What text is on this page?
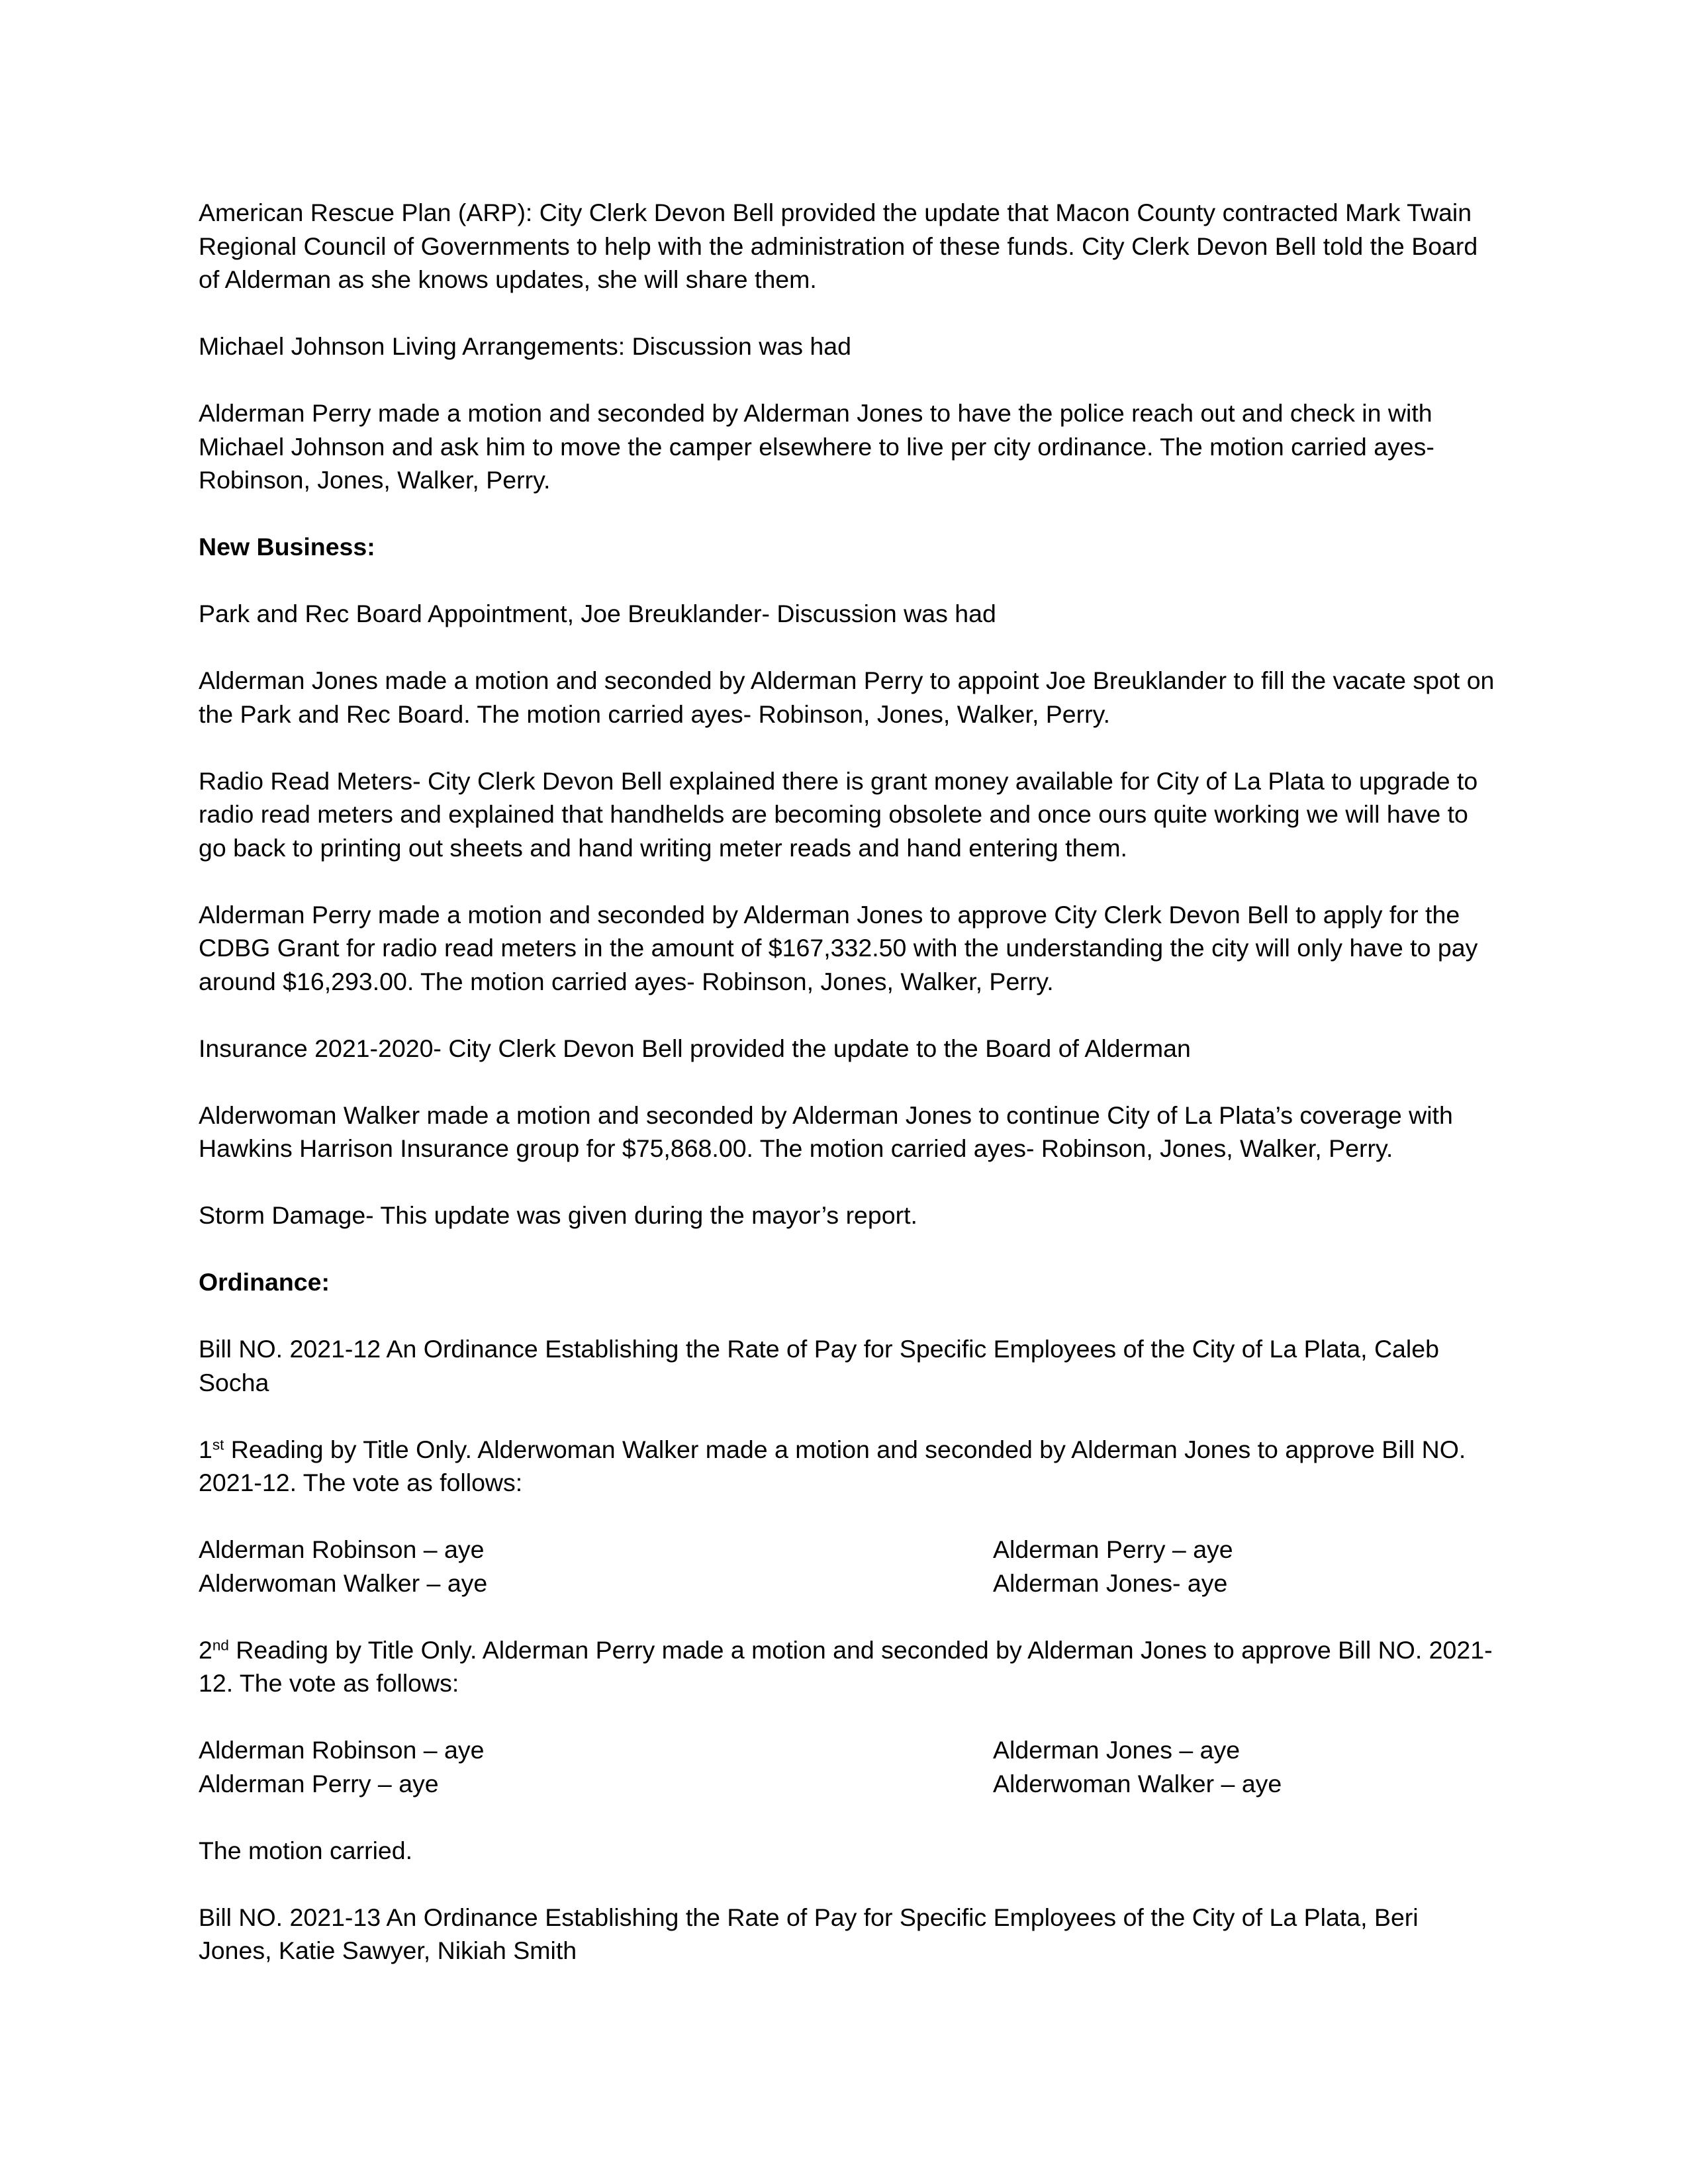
American Rescue Plan (ARP): City Clerk Devon Bell provided the update that Macon County contracted Mark Twain Regional Council of Governments to help with the administration of these funds. City Clerk Devon Bell told the Board of Alderman as she knows updates, she will share them.

Michael Johnson Living Arrangements: Discussion was had

Alderman Perry made a motion and seconded by Alderman Jones to have the police reach out and check in with Michael Johnson and ask him to move the camper elsewhere to live per city ordinance. The motion carried ayes- Robinson, Jones, Walker, Perry.

New Business:

Park and Rec Board Appointment, Joe Breuklander- Discussion was had

Alderman Jones made a motion and seconded by Alderman Perry to appoint Joe Breuklander to fill the vacate spot on the Park and Rec Board. The motion carried ayes- Robinson, Jones, Walker, Perry.

Radio Read Meters- City Clerk Devon Bell explained there is grant money available for City of La Plata to upgrade to radio read meters and explained that handhelds are becoming obsolete and once ours quite working we will have to go back to printing out sheets and hand writing meter reads and hand entering them.

Alderman Perry made a motion and seconded by Alderman Jones to approve City Clerk Devon Bell to apply for the CDBG Grant for radio read meters in the amount of $167,332.50 with the understanding the city will only have to pay around $16,293.00. The motion carried ayes- Robinson, Jones, Walker, Perry.

Insurance 2021-2020- City Clerk Devon Bell provided the update to the Board of Alderman

Alderwoman Walker made a motion and seconded by Alderman Jones to continue City of La Plata’s coverage with Hawkins Harrison Insurance group for $75,868.00. The motion carried ayes- Robinson, Jones, Walker, Perry.

Storm Damage- This update was given during the mayor’s report.

Ordinance:

Bill NO. 2021-12 An Ordinance Establishing the Rate of Pay for Specific Employees of the City of La Plata, Caleb Socha

1st Reading by Title Only. Alderwoman Walker made a motion and seconded by Alderman Jones to approve Bill NO. 2021-12. The vote as follows:

Alderman Robinson – aye	Alderman Perry – aye
Alderwoman Walker – aye	Alderman Jones- aye

2nd Reading by Title Only. Alderman Perry made a motion and seconded by Alderman Jones to approve Bill NO. 2021-12. The vote as follows:

Alderman Robinson – aye	Alderman Jones – aye
Alderman Perry – aye	Alderwoman Walker – aye

The motion carried.

Bill NO. 2021-13 An Ordinance Establishing the Rate of Pay for Specific Employees of the City of La Plata, Beri Jones, Katie Sawyer, Nikiah Smith
